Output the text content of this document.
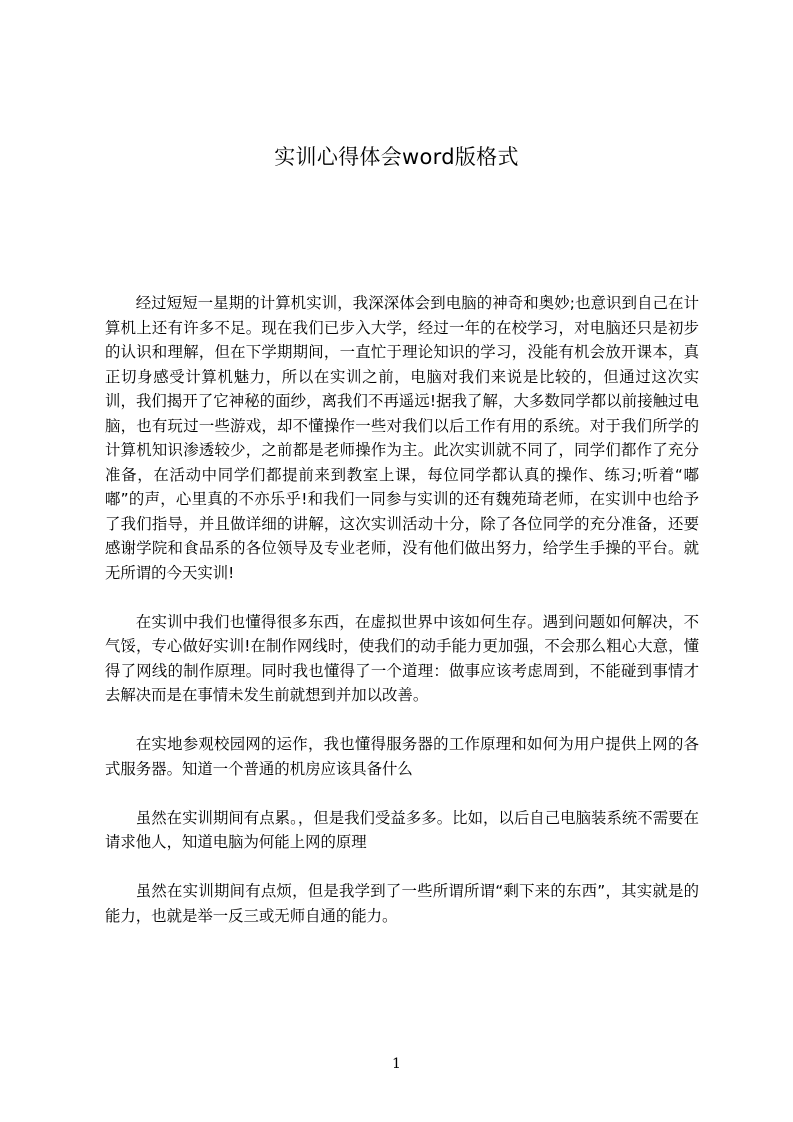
实训心得体会word版格式

经过短短一星期的计算机实训，我深深体会到电脑的神奇和奥妙;也意识到自己在计算机上还有许多不足。现在我们已步入大学，经过一年的在校学习，对电脑还只是初步的认识和理解，但在下学期期间，一直忙于理论知识的学习，没能有机会放开课本，真正切身感受计算机魅力，所以在实训之前，电脑对我们来说是比较的，但通过这次实训，我们揭开了它神秘的面纱，离我们不再遥远!据我了解，大多数同学都以前接触过电脑，也有玩过一些游戏，却不懂操作一些对我们以后工作有用的系统。对于我们所学的计算机知识渗透较少，之前都是老师操作为主。此次实训就不同了，同学们都作了充分准备，在活动中同学们都提前来到教室上课，每位同学都认真的操作、练习;听着“嘟嘟”的声，心里真的不亦乐乎!和我们一同参与实训的还有魏苑琦老师，在实训中也给予了我们指导，并且做详细的讲解，这次实训活动十分，除了各位同学的充分准备，还要感谢学院和食品系的各位领导及专业老师，没有他们做出努力，给学生手操的平台。就无所谓的今天实训!

在实训中我们也懂得很多东西，在虚拟世界中该如何生存。遇到问题如何解决，不气馁，专心做好实训!在制作网线时，使我们的动手能力更加强，不会那么粗心大意，懂得了网线的制作原理。同时我也懂得了一个道理：做事应该考虑周到，不能碰到事情才去解决而是在事情未发生前就想到并加以改善。

在实地参观校园网的运作，我也懂得服务器的工作原理和如何为用户提供上网的各式服务器。知道一个普通的机房应该具备什么

虽然在实训期间有点累。，但是我们受益多多。比如，以后自己电脑装系统不需要在请求他人，知道电脑为何能上网的原理

虽然在实训期间有点烦，但是我学到了一些所谓所谓“剩下来的东西”，其实就是的能力，也就是举一反三或无师自通的能力。

1
